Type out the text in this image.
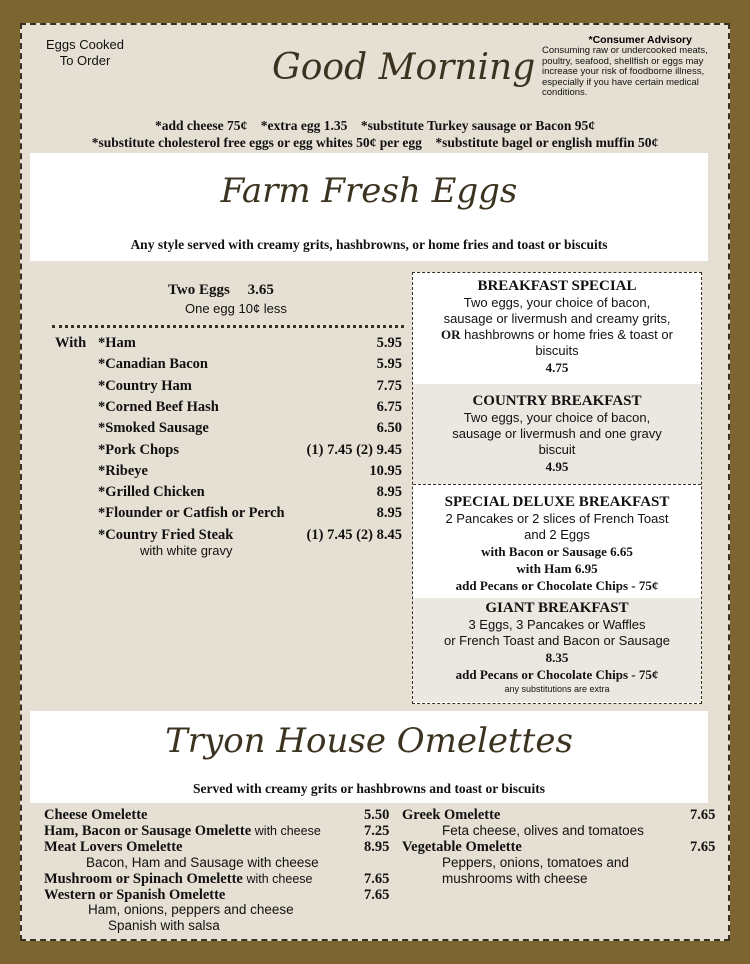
Eggs Cooked
To Order	Good Morning
*Consumer Advisory
Consuming raw or undercooked meats, poultry, seafood, shellfish or eggs may increase your risk of foodborne illness, especially if you have certain medical conditions.
*add cheese 75¢    *extra egg 1.35    *substitute Turkey sausage or Bacon 95¢
*substitute cholesterol free eggs or egg whites 50¢ per egg    *substitute bagel or english muffin 50¢
Farm Fresh Eggs
Any style served with creamy grits, hashbrowns, or home fries and toast or biscuits
Two Eggs 3.65
One egg 10¢ less
With *Ham	5.95
*Canadian Bacon	5.95
*Country Ham	7.75
*Corned Beef Hash	6.75
*Smoked Sausage	6.50
*Pork Chops	(1) 7.45 (2) 9.45
*Ribeye	10.95
*Grilled Chicken	8.95
*Flounder or Catfish or Perch	8.95
*Country Fried Steak	(1) 7.45 (2) 8.45
with white gravy
BREAKFAST SPECIAL
Two eggs, your choice of bacon,
sausage or livermush and creamy grits,
OR hashbrowns or home fries & toast or
biscuits
4.75
COUNTRY BREAKFAST
Two eggs, your choice of bacon,
sausage or livermush and one gravy
biscuit
4.95
SPECIAL DELUXE BREAKFAST
2 Pancakes or 2 slices of French Toast
and 2 Eggs
with Bacon or Sausage 6.65
with Ham 6.95
add Pecans or Chocolate Chips - 75¢
GIANT BREAKFAST
3 Eggs, 3 Pancakes or Waffles
or French Toast and Bacon or Sausage
8.35
add Pecans or Chocolate Chips - 75¢
any substitutions are extra
Tryon House Omelettes
Served with creamy grits or hashbrowns and toast or biscuits
Cheese Omelette	5.50
Ham, Bacon or Sausage Omelette with cheese	7.25
Meat Lovers Omelette	8.95
Bacon, Ham and Sausage with cheese
Mushroom or Spinach Omelette with cheese	7.65
Western or Spanish Omelette	7.65
Ham, onions, peppers and cheese
Spanish with salsa
Greek Omelette	7.65
Feta cheese, olives and tomatoes
Vegetable Omelette	7.65
Peppers, onions, tomatoes and
mushrooms with cheese
